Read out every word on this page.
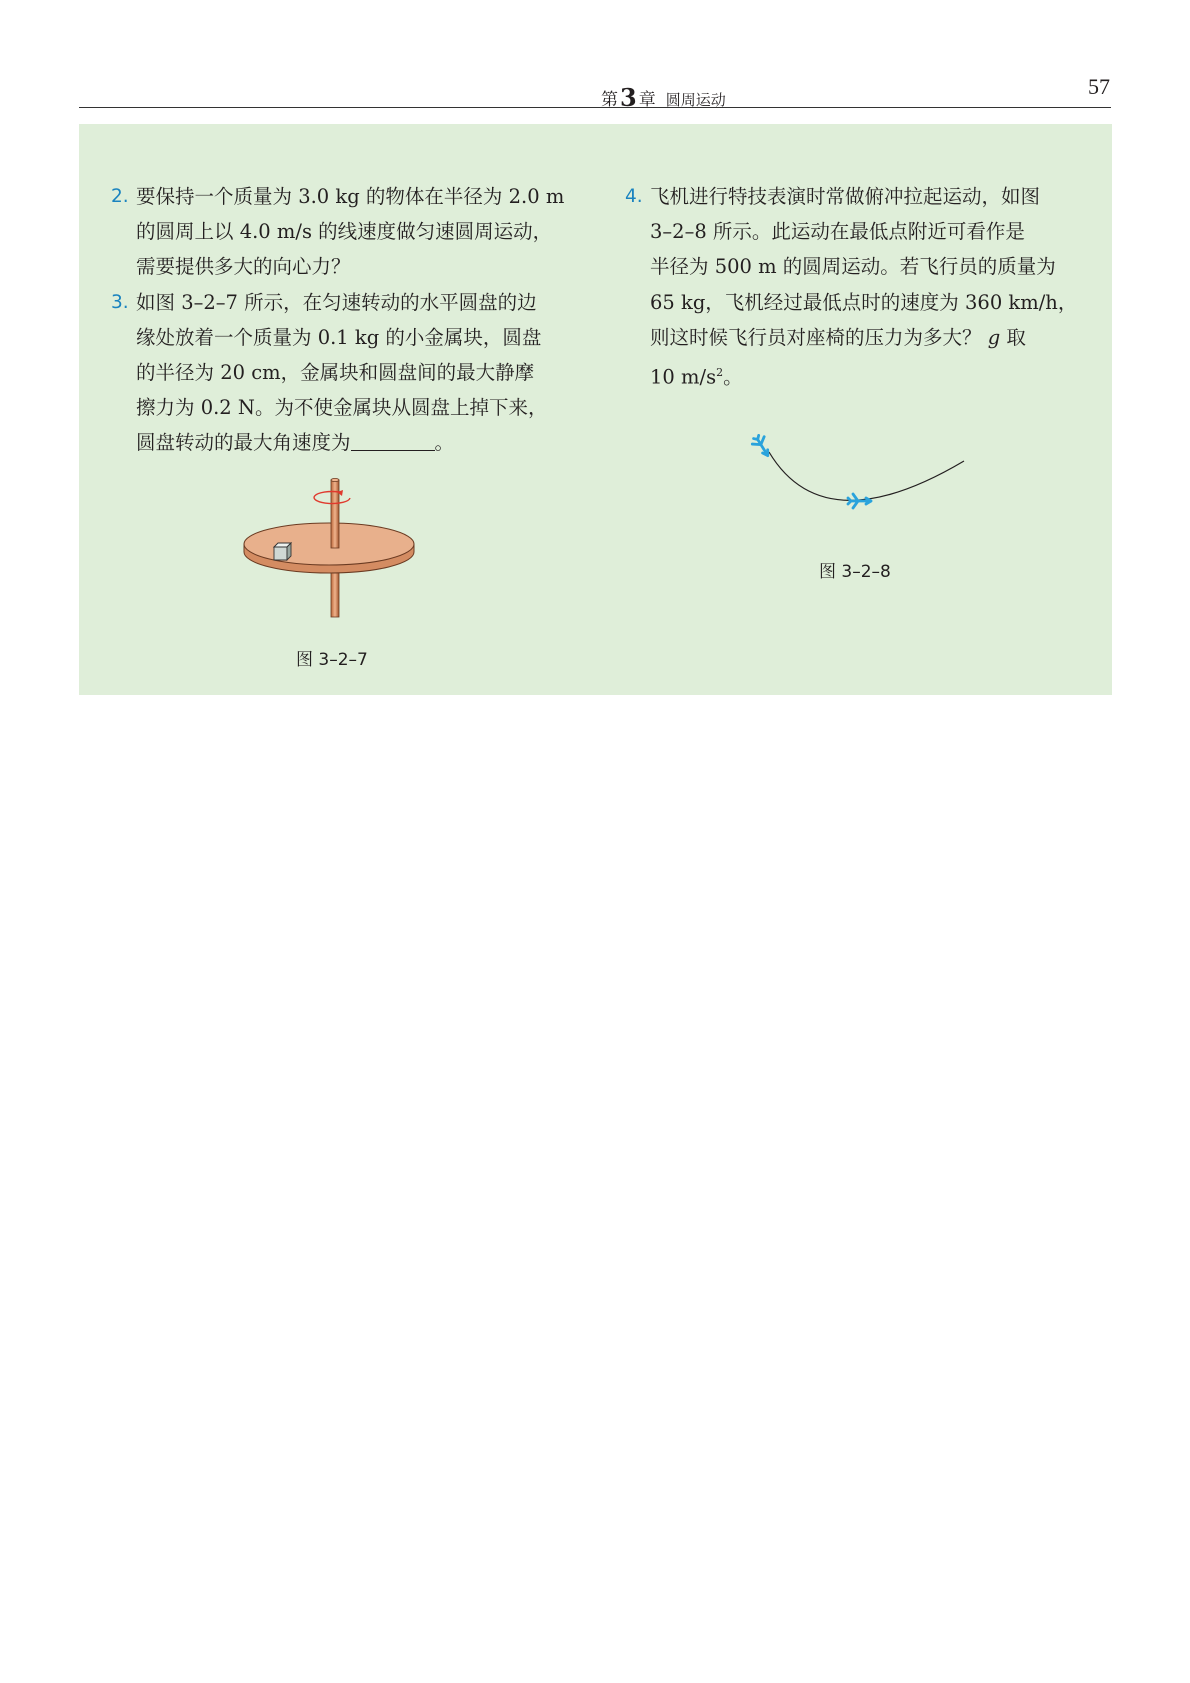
第3 章 圆周运动
57
2. 要保持一个质量为 3.0 kg 的物体在半径为 2.0 m
的圆周上以 4.0 m/s 的线速度做匀速圆周运动，
需要提供多大的向心力？
3. 如图 3–2–7 所示，在匀速转动的水平圆盘的边
缘处放着一个质量为 0.1 kg 的小金属块，圆盘
的半径为 20 cm，金属块和圆盘间的最大静摩
擦力为 0.2 N。为不使金属块从圆盘上掉下来，
圆盘转动的最大角速度为	。
4. 飞机进行特技表演时常做俯冲拉起运动，如图
3–2–8 所示。此运动在最低点附近可看作是
半径为 500 m 的圆周运动。若飞行员的质量为
65 kg，飞机经过最低点时的速度为 360 km/h，
则这时候飞行员对座椅的压力为多大？ g 取
10 $m/s^2$。
图 3–2–7
图 3–2–8
